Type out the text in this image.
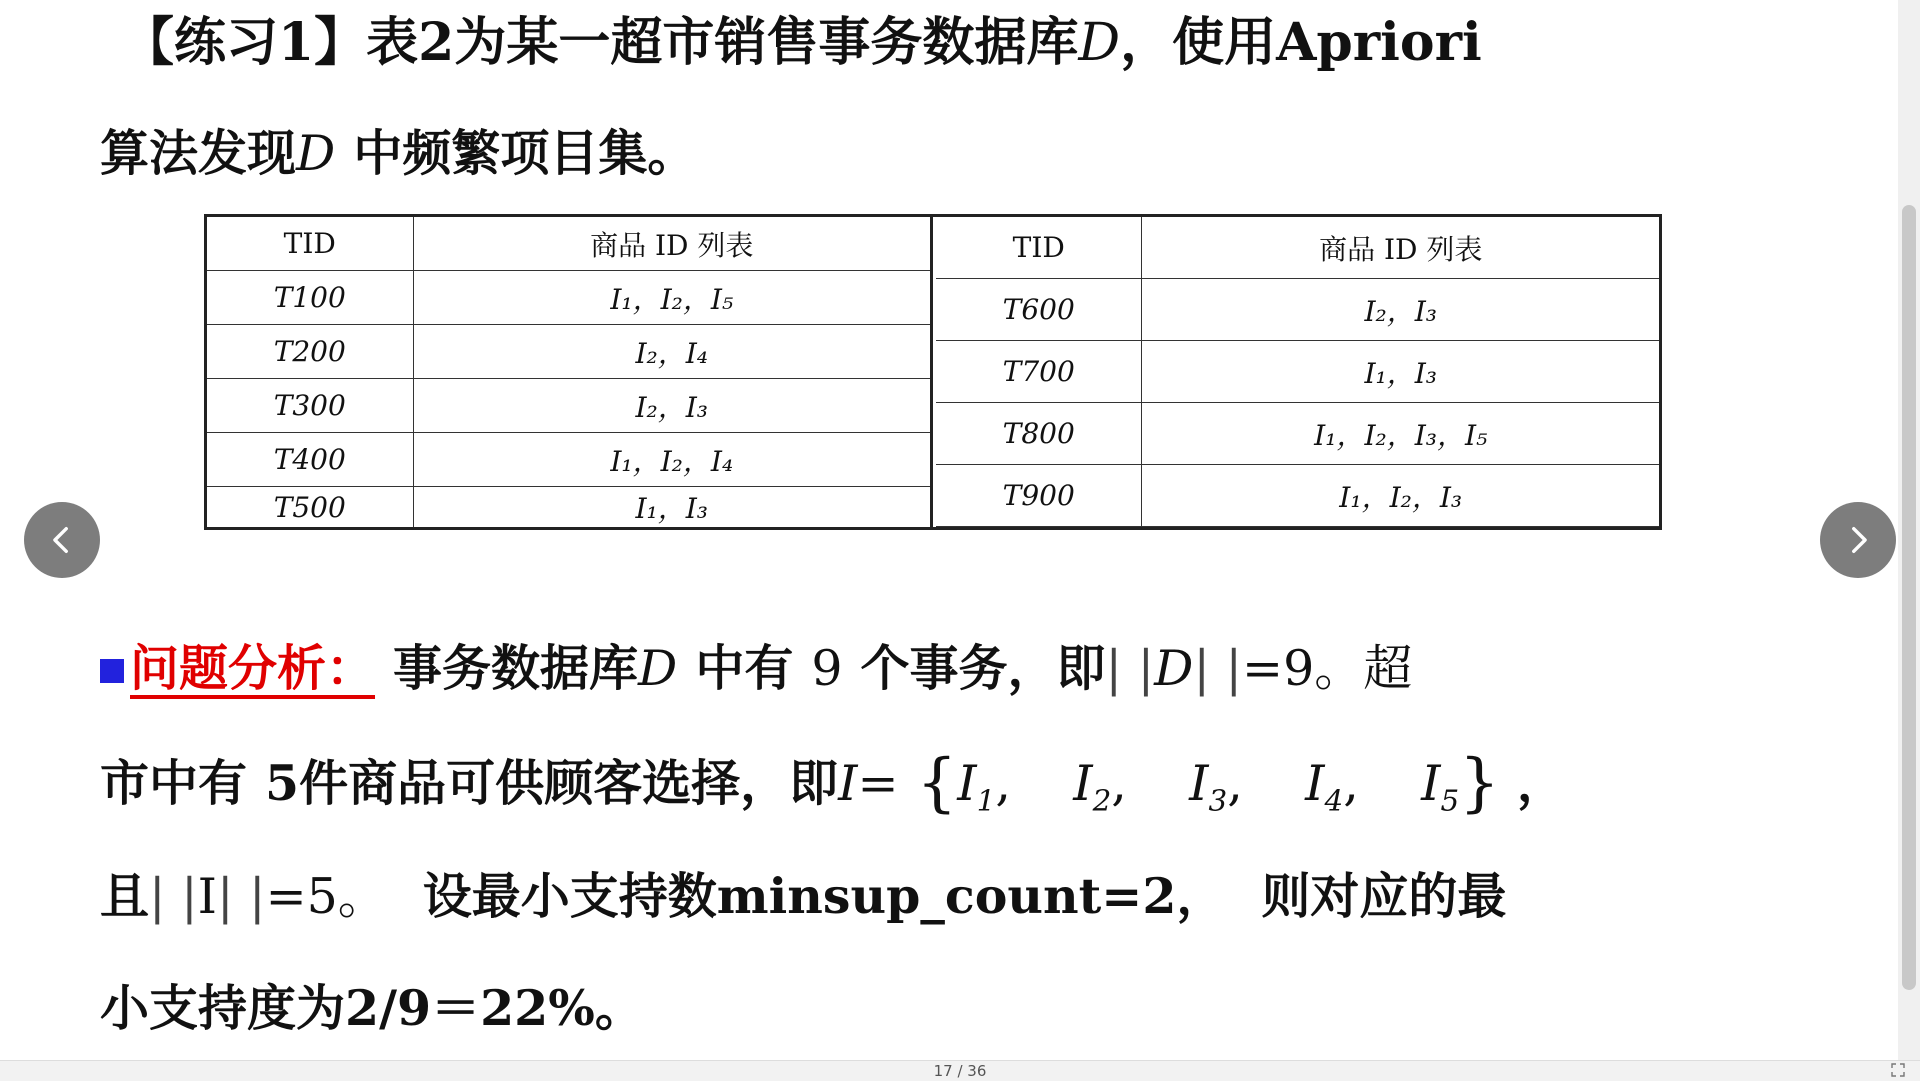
【练习1】表2为某一超市销售事务数据库D，使用Apriori
算法发现D 中频繁项目集。
TID	商品 ID 列表
T100	I₁，I₂，I₅
T200	I₂，I₄
T300	I₂，I₃
T400	I₁，I₂，I₄
T500	I₁，I₃
TID	商品 ID 列表
T600	I₂，I₃
T700	I₁，I₃
T800	I₁，I₂，I₃，I₅
T900	I₁，I₂，I₃

问题分析： 事务数据库D 中有 9 个事务，即| |D| |=9。超
市中有 5件商品可供顾客选择，即$I= \{I_1$,    $I_2$,    $I_3$,    $I_4$,    $I_5$} ，
且| |I| |=5。 设最小支持数minsup_count=2， 则对应的最
小支持度为2/9＝22%。
17 / 36
